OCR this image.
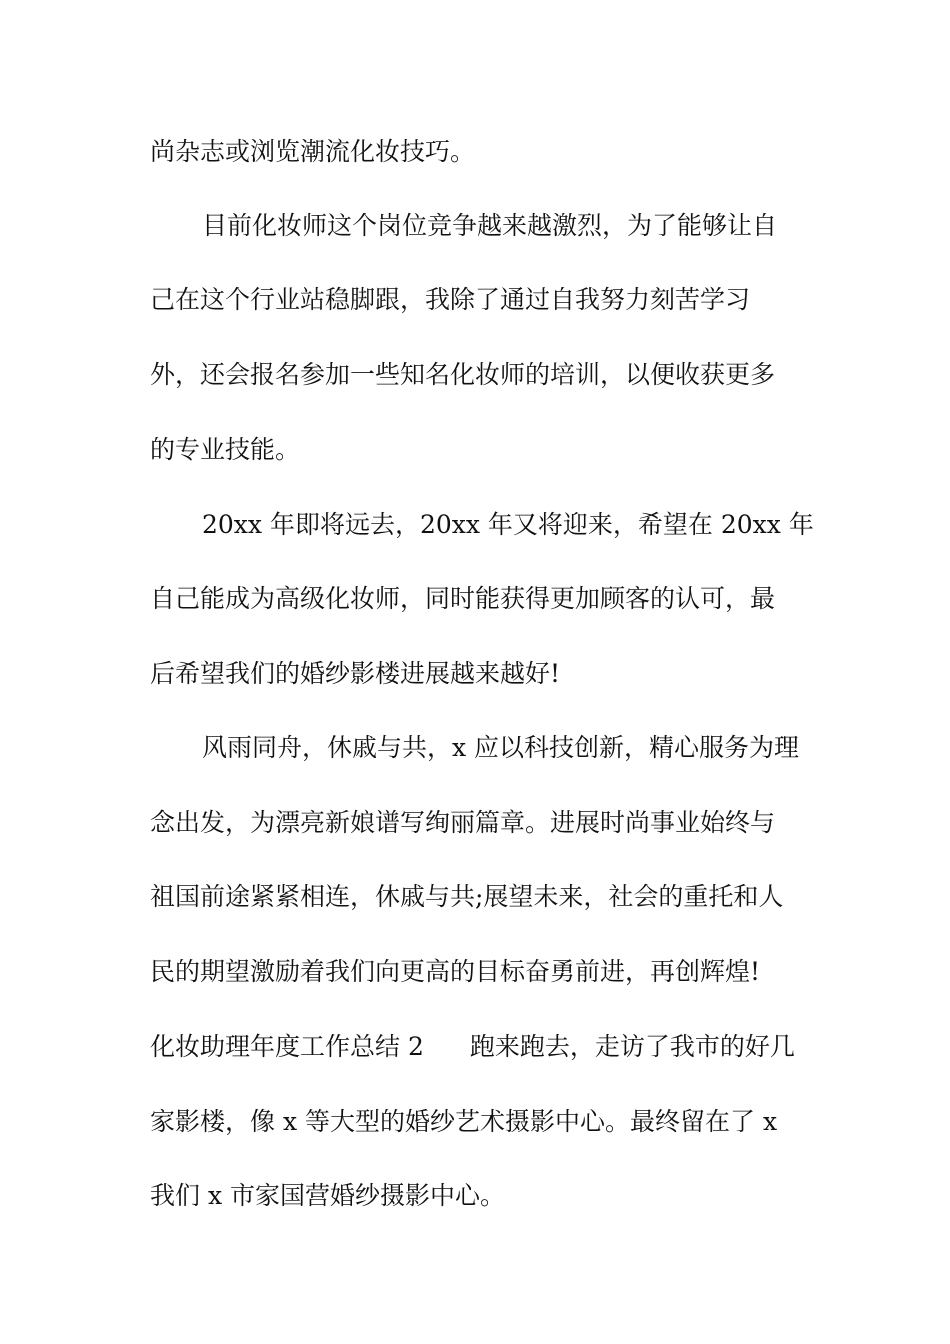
尚杂志或浏览潮流化妆技巧。
目前化妆师这个岗位竞争越来越激烈，为了能够让自
己在这个行业站稳脚跟，我除了通过自我努力刻苦学习
外，还会报名参加一些知名化妆师的培训，以便收获更多
的专业技能。
20xx 年即将远去，20xx 年又将迎来，希望在 20xx 年
自己能成为高级化妆师，同时能获得更加顾客的认可，最
后希望我们的婚纱影楼进展越来越好!
风雨同舟，休戚与共，x 应以科技创新，精心服务为理
念出发，为漂亮新娘谱写绚丽篇章。进展时尚事业始终与
祖国前途紧紧相连，休戚与共;展望未来，社会的重托和人
民的期望激励着我们向更高的目标奋勇前进，再创辉煌!
化妆助理年度工作总结 2 跑来跑去，走访了我市的好几
家影楼，像 x 等大型的婚纱艺术摄影中心。最终留在了 x
我们 x 市家国营婚纱摄影中心。
